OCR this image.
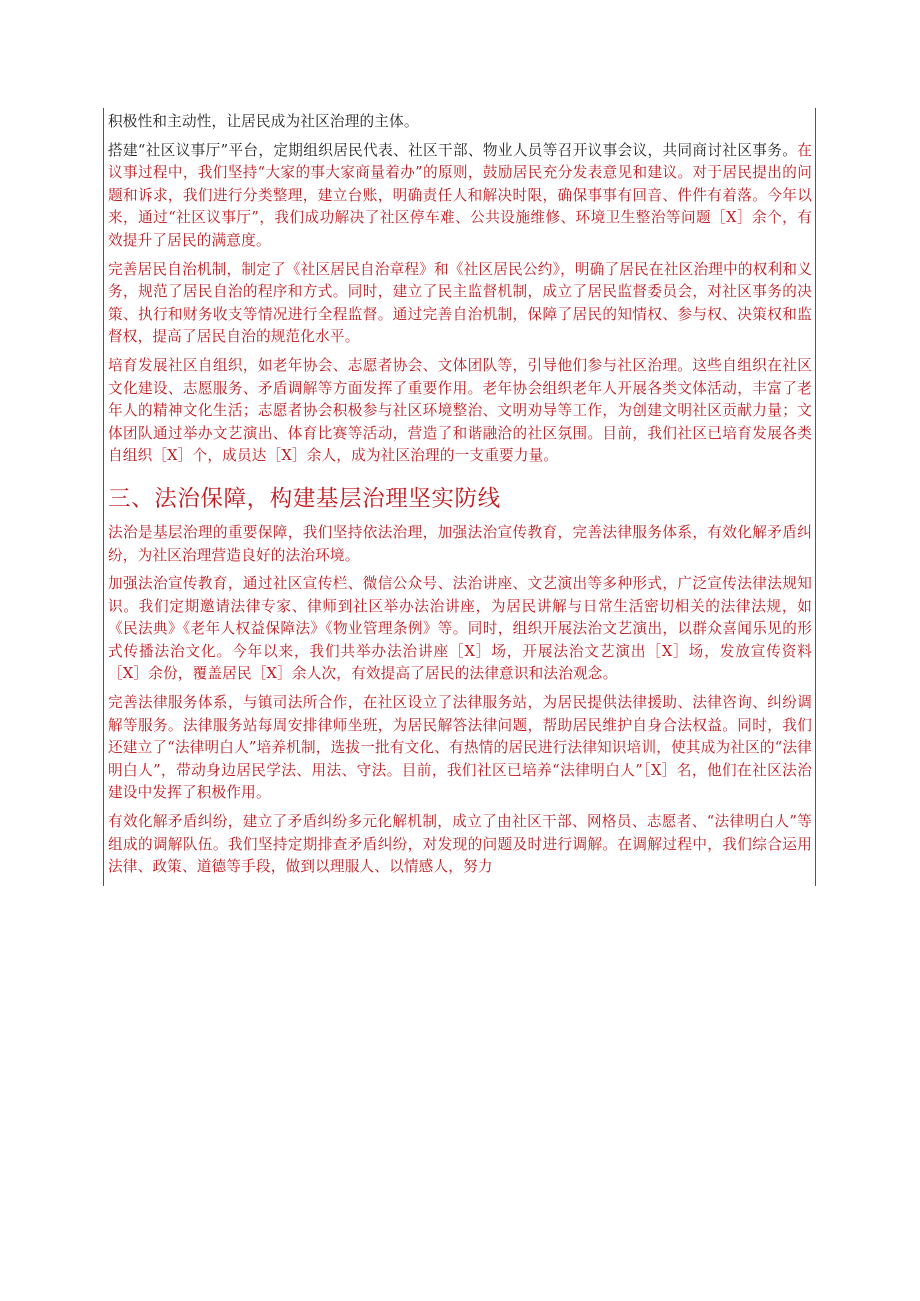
积极性和主动性，让居民成为社区治理的主体。

搭建“社区议事厅”平台，定期组织居民代表、社区干部、物业人员等召开议事会议，共同商讨社区事务。在议事过程中，我们坚持“大家的事大家商量着办”的原则，鼓励居民充分发表意见和建议。对于居民提出的问题和诉求，我们进行分类整理，建立台账，明确责任人和解决时限，确保事事有回音、件件有着落。今年以来，通过“社区议事厅”，我们成功解决了社区停车难、公共设施维修、环境卫生整治等问题［X］余个，有效提升了居民的满意度。

完善居民自治机制，制定了《社区居民自治章程》和《社区居民公约》，明确了居民在社区治理中的权利和义务，规范了居民自治的程序和方式。同时，建立了民主监督机制，成立了居民监督委员会，对社区事务的决策、执行和财务收支等情况进行全程监督。通过完善自治机制，保障了居民的知情权、参与权、决策权和监督权，提高了居民自治的规范化水平。

培育发展社区自组织，如老年协会、志愿者协会、文体团队等，引导他们参与社区治理。这些自组织在社区文化建设、志愿服务、矛盾调解等方面发挥了重要作用。老年协会组织老年人开展各类文体活动，丰富了老年人的精神文化生活；志愿者协会积极参与社区环境整治、文明劝导等工作，为创建文明社区贡献力量；文体团队通过举办文艺演出、体育比赛等活动，营造了和谐融洽的社区氛围。目前，我们社区已培育发展各类自组织［X］个，成员达［X］余人，成为社区治理的一支重要力量。

三、法治保障，构建基层治理坚实防线

法治是基层治理的重要保障，我们坚持依法治理，加强法治宣传教育，完善法律服务体系，有效化解矛盾纠纷，为社区治理营造良好的法治环境。

加强法治宣传教育，通过社区宣传栏、微信公众号、法治讲座、文艺演出等多种形式，广泛宣传法律法规知识。我们定期邀请法律专家、律师到社区举办法治讲座，为居民讲解与日常生活密切相关的法律法规，如《民法典》《老年人权益保障法》《物业管理条例》等。同时，组织开展法治文艺演出，以群众喜闻乐见的形式传播法治文化。今年以来，我们共举办法治讲座［X］场，开展法治文艺演出［X］场，发放宣传资料［X］余份，覆盖居民［X］余人次，有效提高了居民的法律意识和法治观念。

完善法律服务体系，与镇司法所合作，在社区设立了法律服务站，为居民提供法律援助、法律咨询、纠纷调解等服务。法律服务站每周安排律师坐班，为居民解答法律问题，帮助居民维护自身合法权益。同时，我们还建立了“法律明白人”培养机制，选拔一批有文化、有热情的居民进行法律知识培训，使其成为社区的“法律明白人”，带动身边居民学法、用法、守法。目前，我们社区已培养“法律明白人”［X］名，他们在社区法治建设中发挥了积极作用。

有效化解矛盾纠纷，建立了矛盾纠纷多元化解机制，成立了由社区干部、网格员、志愿者、“法律明白人”等组成的调解队伍。我们坚持定期排查矛盾纠纷，对发现的问题及时进行调解。在调解过程中，我们综合运用法律、政策、道德等手段，做到以理服人、以情感人，努力
